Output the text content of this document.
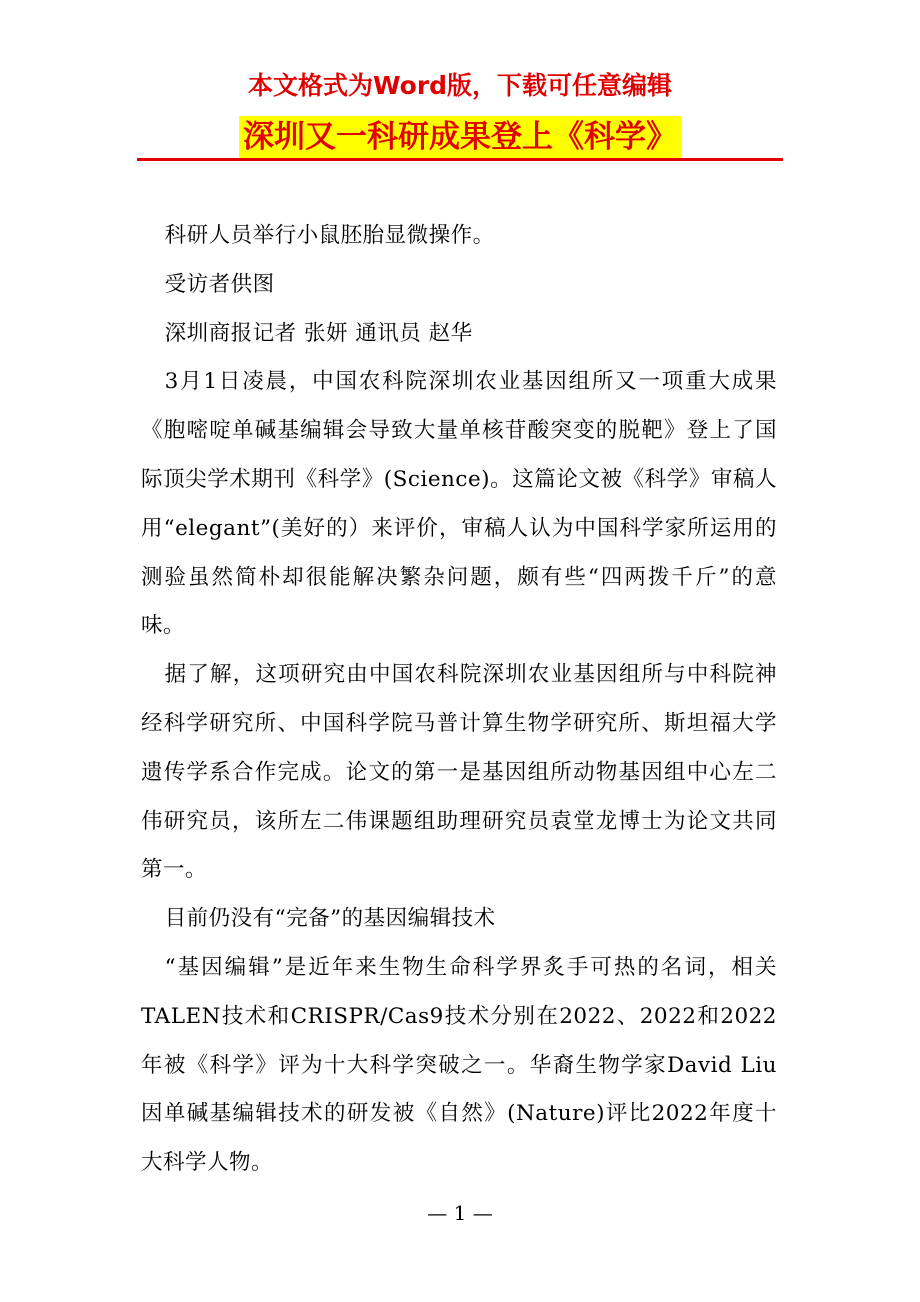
本文格式为Word版，下载可任意编辑
深圳又一科研成果登上《科学》

科研人员举行小鼠胚胎显微操作。

受访者供图

深圳商报记者 张妍 通讯员 赵华

3月1日凌晨，中国农科院深圳农业基因组所又一项重大成果《胞嘧啶单碱基编辑会导致大量单核苷酸突变的脱靶》登上了国际顶尖学术期刊《科学》(Science)。这篇论文被《科学》审稿人用“elegant”(美好的）来评价，审稿人认为中国科学家所运用的测验虽然简朴却很能解决繁杂问题，颇有些“四两拨千斤”的意味。

据了解，这项研究由中国农科院深圳农业基因组所与中科院神经科学研究所、中国科学院马普计算生物学研究所、斯坦福大学遗传学系合作完成。论文的第一是基因组所动物基因组中心左二伟研究员，该所左二伟课题组助理研究员袁堂龙博士为论文共同第一。

目前仍没有“完备”的基因编辑技术

“基因编辑”是近年来生物生命科学界炙手可热的名词，相关TALEN技术和CRISPR/Cas9技术分别在2022、2022和2022年被《科学》评为十大科学突破之一。华裔生物学家David Liu因单碱基编辑技术的研发被《自然》(Nature)评比2022年度十大科学人物。

— 1 —
